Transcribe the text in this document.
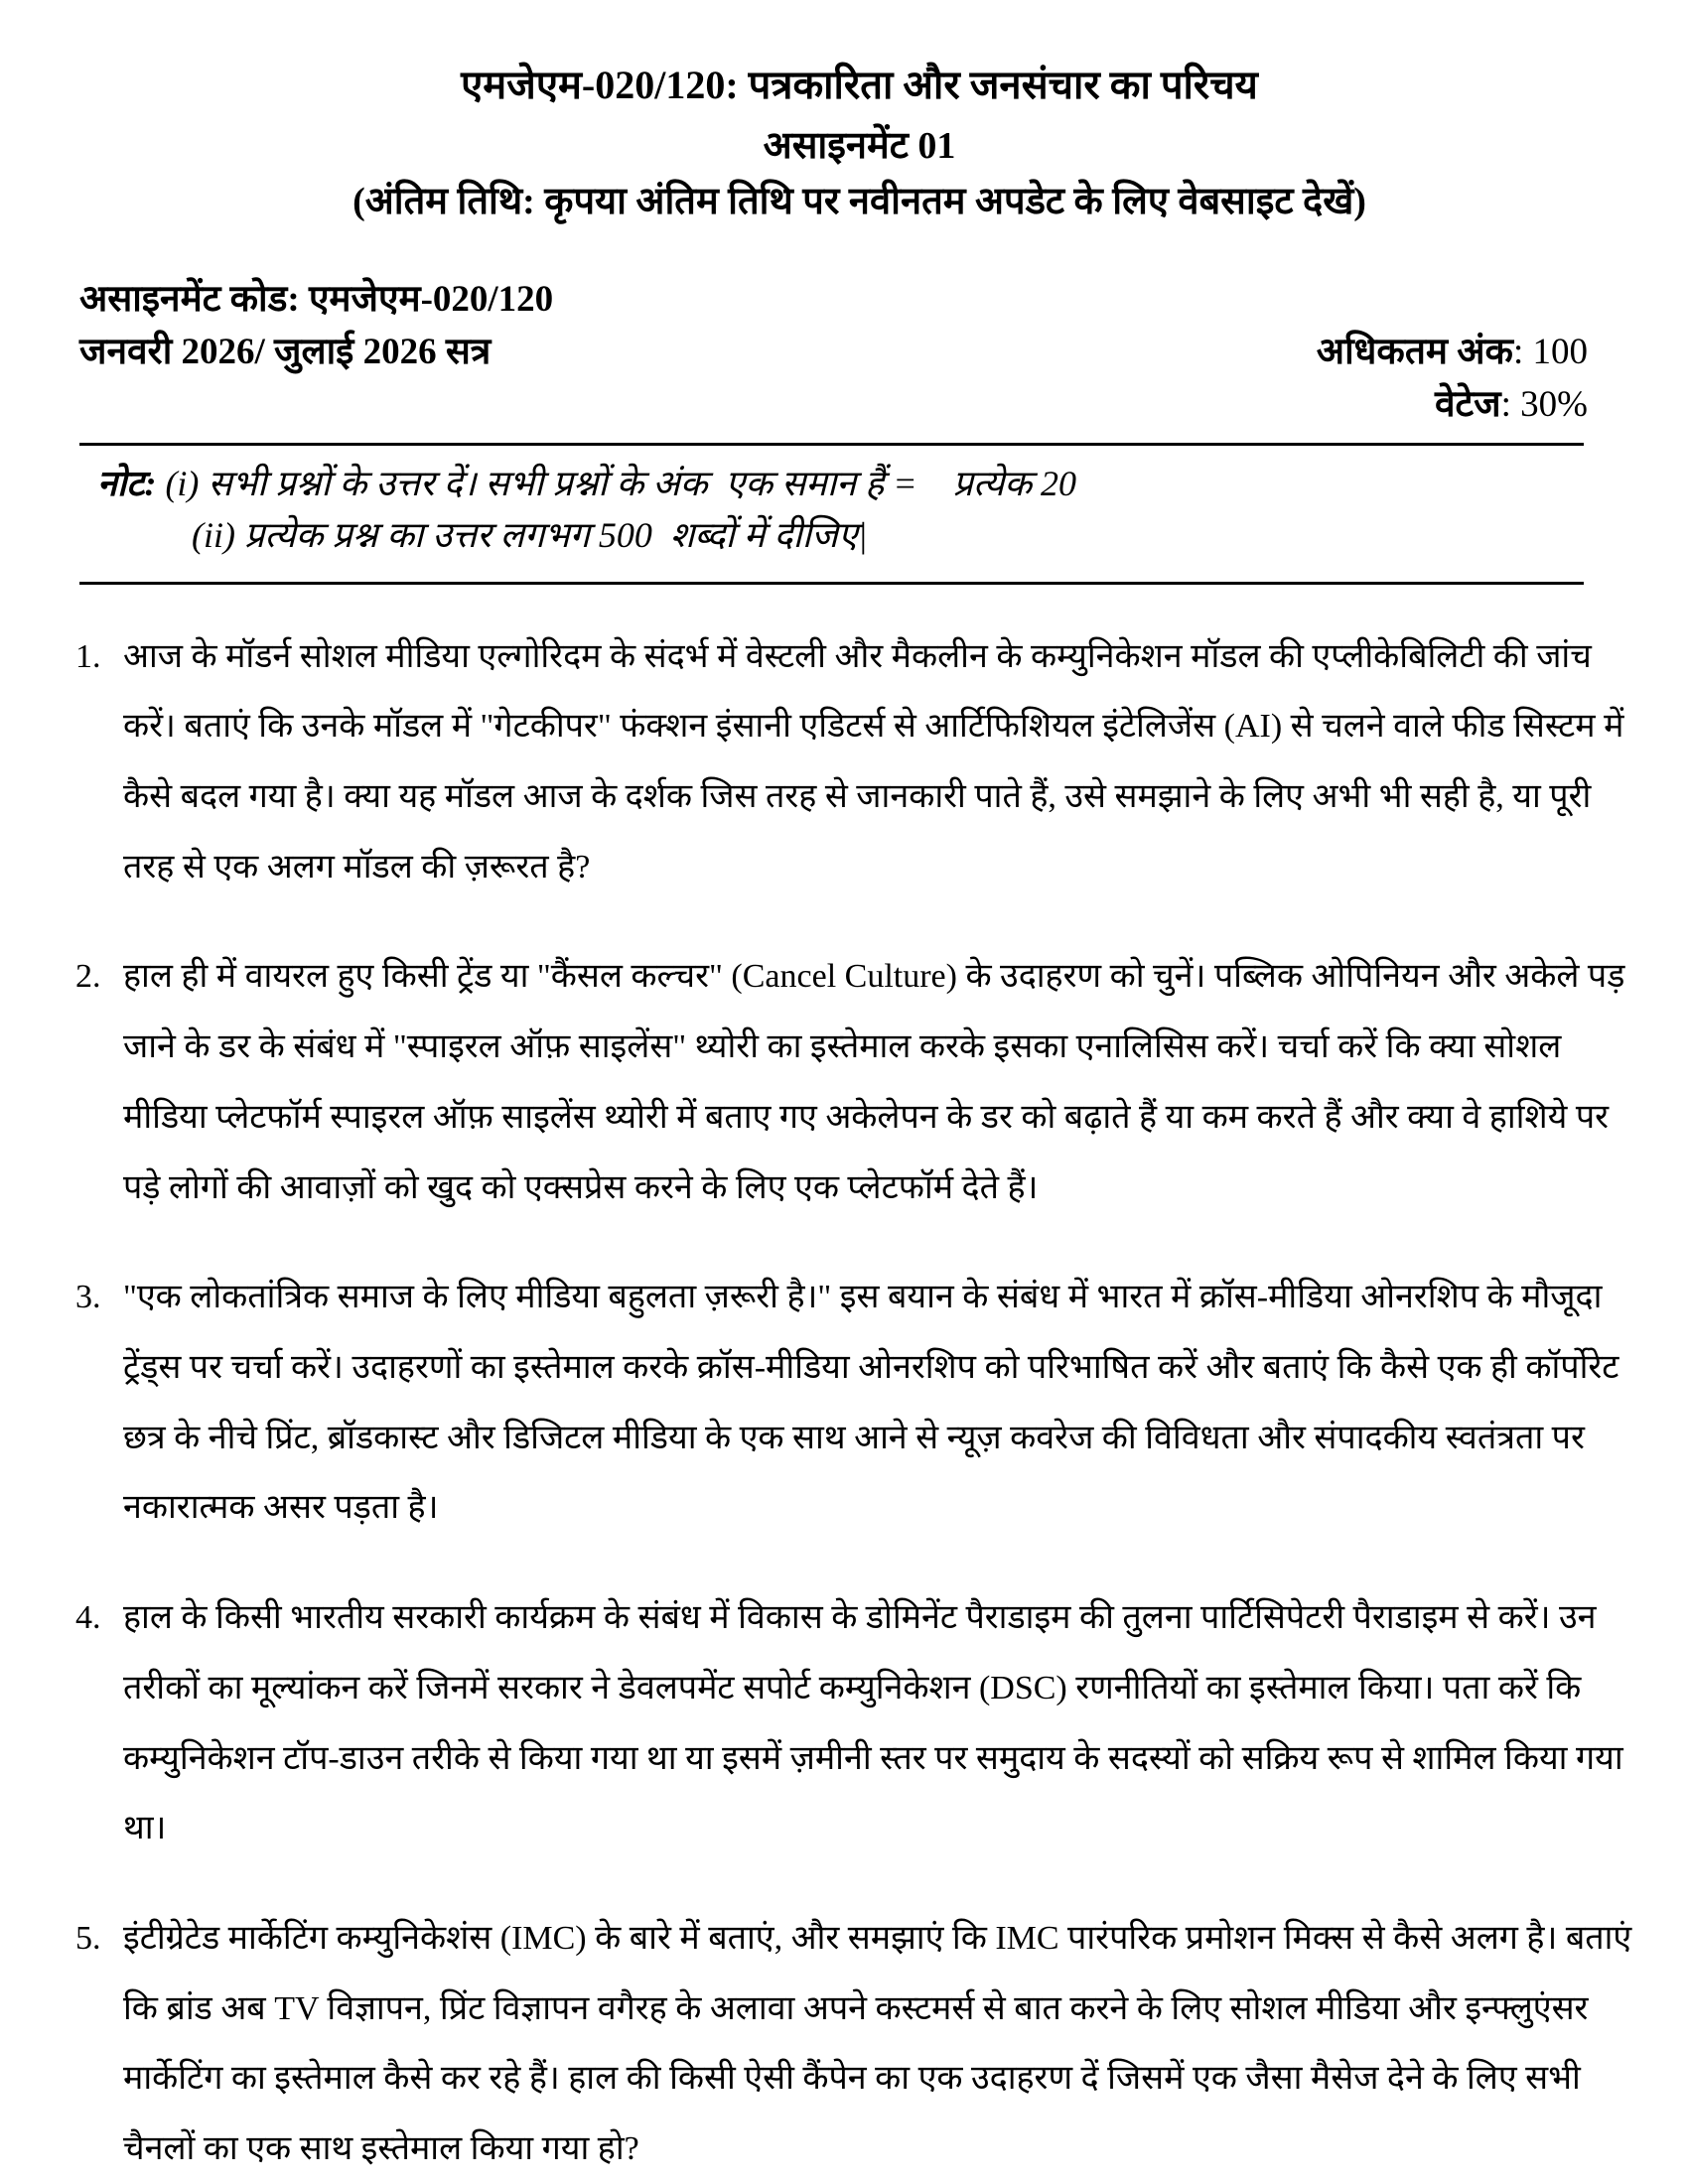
एमजेएम-020/120: पत्रकारिता और जनसंचार का परिचय
असाइनमेंट 01
(अंतिम तिथि: कृपया अंतिम तिथि पर नवीनतम अपडेट के लिए वेबसाइट देखें)
असाइनमेंट कोड: एमजेएम-020/120
जनवरी 2026/ जुलाई 2026 सत्र	अधिकतम अंक: 100
वेटेज: 30%
नोट: (i) सभी प्रश्नों के उत्तर दें। सभी प्रश्नों के अंक  एक समान हैं =    प्रत्येक 20
(ii) प्रत्येक प्रश्न का उत्तर लगभग 500  शब्दों में दीजिए|
1. आज के मॉडर्न सोशल मीडिया एल्गोरिदम के संदर्भ में वेस्टली और मैकलीन के कम्युनिकेशन मॉडल की एप्लीकेबिलिटी की जांच करें। बताएं कि उनके मॉडल में "गेटकीपर" फंक्शन इंसानी एडिटर्स से आर्टिफिशियल इंटेलिजेंस (AI) से चलने वाले फीड सिस्टम में कैसे बदल गया है। क्या यह मॉडल आज के दर्शक जिस तरह से जानकारी पाते हैं, उसे समझाने के लिए अभी भी सही है, या पूरी तरह से एक अलग मॉडल की ज़रूरत है?
2. हाल ही में वायरल हुए किसी ट्रेंड या "कैंसल कल्चर" (Cancel Culture) के उदाहरण को चुनें। पब्लिक ओपिनियन और अकेले पड़ जाने के डर के संबंध में "स्पाइरल ऑफ़ साइलेंस" थ्योरी का इस्तेमाल करके इसका एनालिसिस करें। चर्चा करें कि क्या सोशल मीडिया प्लेटफॉर्म स्पाइरल ऑफ़ साइलेंस थ्योरी में बताए गए अकेलेपन के डर को बढ़ाते हैं या कम करते हैं और क्या वे हाशिये पर पड़े लोगों की आवाज़ों को खुद को एक्सप्रेस करने के लिए एक प्लेटफॉर्म देते हैं।
3. "एक लोकतांत्रिक समाज के लिए मीडिया बहुलता ज़रूरी है।" इस बयान के संबंध में भारत में क्रॉस-मीडिया ओनरशिप के मौजूदा ट्रेंड्स पर चर्चा करें। उदाहरणों का इस्तेमाल करके क्रॉस-मीडिया ओनरशिप को परिभाषित करें और बताएं कि कैसे एक ही कॉर्पोरेट छत्र के नीचे प्रिंट, ब्रॉडकास्ट और डिजिटल मीडिया के एक साथ आने से न्यूज़ कवरेज की विविधता और संपादकीय स्वतंत्रता पर नकारात्मक असर पड़ता है।
4. हाल के किसी भारतीय सरकारी कार्यक्रम के संबंध में विकास के डोमिनेंट पैराडाइम की तुलना पार्टिसिपेटरी पैराडाइम से करें। उन तरीकों का मूल्यांकन करें जिनमें सरकार ने डेवलपमेंट सपोर्ट कम्युनिकेशन (DSC) रणनीतियों का इस्तेमाल किया। पता करें कि कम्युनिकेशन टॉप-डाउन तरीके से किया गया था या इसमें ज़मीनी स्तर पर समुदाय के सदस्यों को सक्रिय रूप से शामिल किया गया था।
5. इंटीग्रेटेड मार्केटिंग कम्युनिकेशंस (IMC) के बारे में बताएं, और समझाएं कि IMC पारंपरिक प्रमोशन मिक्स से कैसे अलग है। बताएं कि ब्रांड अब TV विज्ञापन, प्रिंट विज्ञापन वगैरह के अलावा अपने कस्टमर्स से बात करने के लिए सोशल मीडिया और इन्फ्लुएंसर मार्केटिंग का इस्तेमाल कैसे कर रहे हैं। हाल की किसी ऐसी कैंपेन का एक उदाहरण दें जिसमें एक जैसा मैसेज देने के लिए सभी चैनलों का एक साथ इस्तेमाल किया गया हो?
